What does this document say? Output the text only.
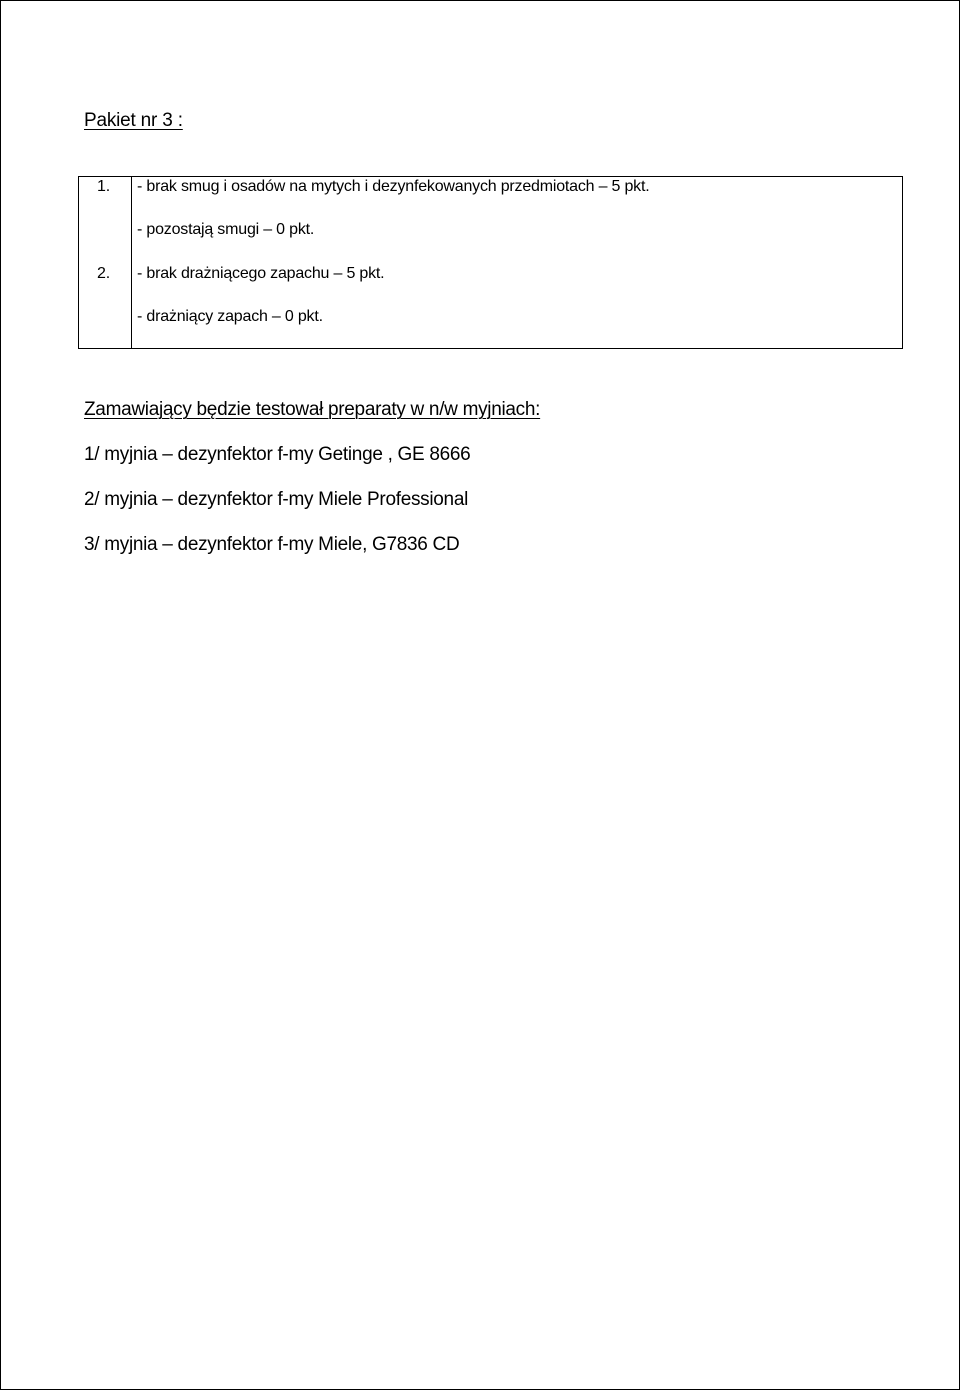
Pakiet nr 3 :
1. - brak smug i osadów na mytych i dezynfekowanych przedmiotach – 5 pkt.
- pozostają smugi – 0 pkt.
2. - brak drażniącego zapachu – 5 pkt.
- drażniący zapach – 0 pkt.
Zamawiający będzie testował preparaty w n/w myjniach:
1/ myjnia – dezynfektor f-my Getinge , GE 8666
2/ myjnia – dezynfektor f-my Miele Professional
3/ myjnia – dezynfektor f-my Miele, G7836 CD
